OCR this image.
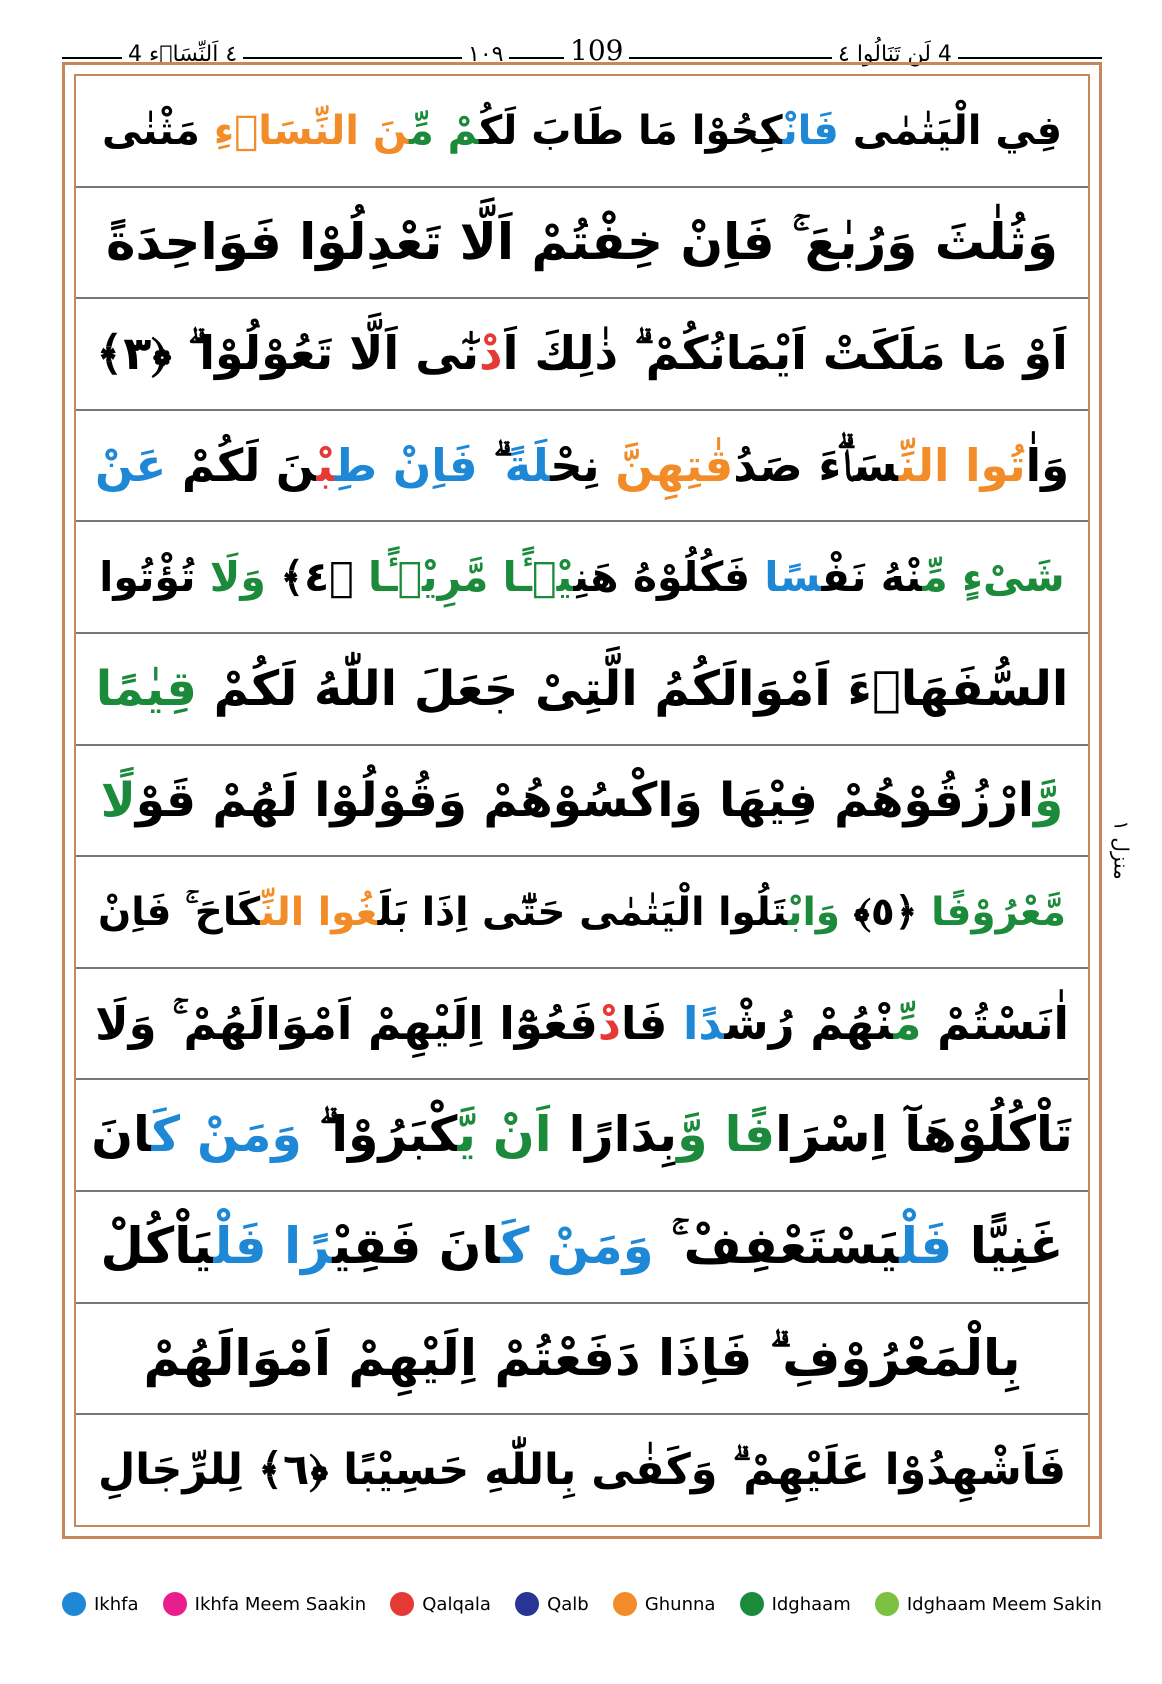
٤ اَلنِّسَاۗء 4	١٠٩ 109	4 لَن تَنَالُوا ٤
فِي الْيَتٰمٰى فَانْكِحُوْا مَا طَابَ لَكُمْ مِّنَ النِّسَاۗءِ مَثْنٰى
وَثُلٰثَ وَرُبٰعَ ۚ فَاِنْ خِفْتُمْ اَلَّا تَعْدِلُوْا فَوَاحِدَةً
اَوْ مَا مَلَكَتْ اَيْمَانُكُمْ ۗ ذٰلِكَ اَدْنٰٓى اَلَّا تَعُوْلُوْا ۗ ﴿٣﴾
وَاٰتُوا النِّسَاۗءَ صَدُقٰتِهِنَّ نِحْلَةً ۗ فَاِنْ طِبْنَ لَكُمْ عَنْ
شَىْءٍ مِّنْهُ نَفْسًا فَكُلُوْهُ هَنِيْۤـًٔا مَّرِيْۤـًٔا ﴿٤﴾ وَلَا تُؤْتُوا
السُّفَهَاۗءَ اَمْوَالَكُمُ الَّتِىْ جَعَلَ اللّٰهُ لَكُمْ قِيٰمًا
وَّارْزُقُوْهُمْ فِيْهَا وَاكْسُوْهُمْ وَقُوْلُوْا لَهُمْ قَوْلًا
مَّعْرُوْفًا ﴿٥﴾ وَابْتَلُوا الْيَتٰمٰى حَتّٰٓى اِذَا بَلَغُوا النِّكَاحَ ۚ فَاِنْ
اٰنَسْتُمْ مِّنْهُمْ رُشْدًا فَادْفَعُوْٓا اِلَيْهِمْ اَمْوَالَهُمْ ۚ وَلَا
تَاْكُلُوْهَآ اِسْرَافًا وَّبِدَارًا اَنْ يَّكْبَرُوْا ۗ وَمَنْ كَانَ
غَنِيًّا فَلْيَسْتَعْفِفْ ۚ وَمَنْ كَانَ فَقِيْرًا فَلْيَاْكُلْ
بِالْمَعْرُوْفِ ۗ فَاِذَا دَفَعْتُمْ اِلَيْهِمْ اَمْوَالَهُمْ
فَاَشْهِدُوْا عَلَيْهِمْ ۗ وَكَفٰى بِاللّٰهِ حَسِيْبًا ﴿٦﴾ لِلرِّجَالِ
منزل ١
Ikhfa	Ikhfa Meem Saakin	Qalqala	Qalb	Ghunna	Idghaam	Idghaam Meem Sakin
